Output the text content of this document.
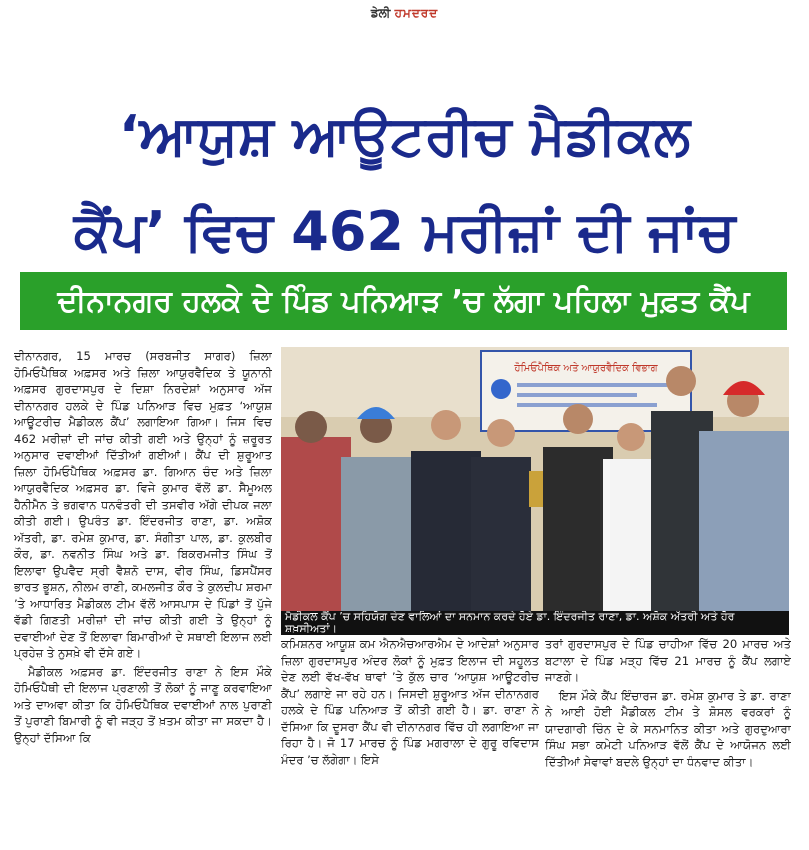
ਡੇਲੀ ਹਮਦਰਦ
‘ਆਯੁਸ਼ ਆਊਟਰੀਚ ਮੈਡੀਕਲ
ਕੈਂਪ’ ਵਿਚ 462 ਮਰੀਜ਼ਾਂ ਦੀ ਜਾਂਚ
ਦੀਨਾਨਗਰ ਹਲਕੇ ਦੇ ਪਿੰਡ ਪਨਿਆੜ ’ਚ ਲੱਗਾ ਪਹਿਲਾ ਮੁਫ਼ਤ ਕੈਂਪ

ਦੀਨਾਨਗਰ, 15 ਮਾਰਚ (ਸਰਬਜੀਤ ਸਾਗਰ) ਜ਼ਿਲਾ ਹੋਮਿਓਪੈਥਿਕ ਅਫ਼ਸਰ ਅਤੇ ਜ਼ਿਲਾ ਆਯੁਰਵੈਦਿਕ ਤੇ ਯੂਨਾਨੀ ਅਫ਼ਸਰ ਗੁਰਦਾਸਪੁਰ ਦੇ ਦਿਸ਼ਾ ਨਿਰਦੇਸ਼ਾਂ ਅਨੁਸਾਰ ਅੱਜ ਦੀਨਾਨਗਰ ਹਲਕੇ ਦੇ ਪਿੰਡ ਪਨਿਆੜ ਵਿਚ ਮੁਫ਼ਤ ‘ਆਯੁਸ਼ ਆਊਟਰੀਚ ਮੈਡੀਕਲ ਕੈਂਪ’ ਲਗਾਇਆ ਗਿਆ। ਜਿਸ ਵਿਚ 462 ਮਰੀਜ਼ਾਂ ਦੀ ਜਾਂਚ ਕੀਤੀ ਗਈ ਅਤੇ ਉਨ੍ਹਾਂ ਨੂੰ ਜ਼ਰੂਰਤ ਅਨੁਸਾਰ ਦਵਾਈਆਂ ਦਿੱਤੀਆਂ ਗਈਆਂ। ਕੈਂਪ ਦੀ ਸ਼ੁਰੂਆਤ ਜ਼ਿਲਾ ਹੋਮਿਓਪੈਥਿਕ ਅਫ਼ਸਰ ਡਾ. ਗਿਆਨ ਚੰਦ ਅਤੇ ਜ਼ਿਲਾ ਆਯੁਰਵੈਦਿਕ ਅਫ਼ਸਰ ਡਾ. ਵਿਜੇ ਕੁਮਾਰ ਵੱਲੋਂ ਡਾ. ਸੈਮੂਅਲ ਹੈਨੀਮੈਨ ਤੇ ਭਗਵਾਨ ਧਨਵੰਤਰੀ ਦੀ ਤਸਵੀਰ ਅੱਗੇ ਦੀਪਕ ਜਲਾ ਕੀਤੀ ਗਈ। ਉਪਰੰਤ ਡਾ. ਇੰਦਰਜੀਤ ਰਾਣਾ, ਡਾ. ਅਸ਼ੋਕ ਅੱਤਰੀ, ਡਾ. ਰਮੇਸ਼ ਕੁਮਾਰ, ਡਾ. ਸੰਗੀਤਾ ਪਾਲ, ਡਾ. ਕੁਲਬੀਰ ਕੌਰ, ਡਾ. ਨਵਨੀਤ ਸਿੰਘ ਅਤੇ ਡਾ. ਬਿਕਰਮਜੀਤ ਸਿੰਘ ਤੋਂ ਇਲਾਵਾ ਉਪਵੈਦ ਸ੍ਰੀ ਵੈਸ਼ਨੋ ਦਾਸ, ਵੀਰ ਸਿੰਘ, ਡਿਸਪੈਂਸਰ ਭਾਰਤ ਭੂਸ਼ਨ, ਨੀਲਮ ਰਾਣੀ, ਕਮਲਜੀਤ ਕੌਰ ਤੇ ਕੁਲਦੀਪ ਸ਼ਰਮਾ ’ਤੇ ਆਧਾਰਿਤ ਮੈਡੀਕਲ ਟੀਮ ਵੱਲੋਂ ਆਸਪਾਸ ਦੇ ਪਿੰਡਾਂ ਤੋਂ ਪੁੱਜੇ ਵੱਡੀ ਗਿਣਤੀ ਮਰੀਜ਼ਾਂ ਦੀ ਜਾਂਚ ਕੀਤੀ ਗਈ ਤੇ ਉਨ੍ਹਾਂ ਨੂੰ ਦਵਾਈਆਂ ਦੇਣ ਤੋਂ ਇਲਾਵਾ ਬਿਮਾਰੀਆਂ ਦੇ ਸਥਾਈ ਇਲਾਜ ਲਈ ਪ੍ਰਹੇਜ਼ ਤੇ ਨੁਸਖ਼ੇ ਵੀ ਦੱਸੇ ਗਏ।

ਮੈਡੀਕਲ ਅਫ਼ਸਰ ਡਾ. ਇੰਦਰਜੀਤ ਰਾਣਾ ਨੇ ਇਸ ਮੌਕੇ ਹੋਮਿਓਪੈਥੀ ਦੀ ਇਲਾਜ ਪ੍ਰਣਾਲੀ ਤੋਂ ਲੋਕਾਂ ਨੂੰ ਜਾਣੂ ਕਰਵਾਇਆ ਅਤੇ ਦਾਅਵਾ ਕੀਤਾ ਕਿ ਹੋਮਿਓਪੈਥਿਕ ਦਵਾਈਆਂ ਨਾਲ ਪੁਰਾਣੀ ਤੋਂ ਪੁਰਾਣੀ ਬਿਮਾਰੀ ਨੂੰ ਵੀ ਜੜ੍ਹ ਤੋਂ ਖ਼ਤਮ ਕੀਤਾ ਜਾ ਸਕਦਾ ਹੈ। ਉਨ੍ਹਾਂ ਦੱਸਿਆ ਕਿ

ਹੋਮਿਓਪੈਥਿਕ ਅਤੇ ਆਯੁਰਵੈਦਿਕ ਵਿਭਾਗ
ਮੈਡੀਕਲ ਕੈਂਪ ’ਚ ਸਹਿਯੋਗ ਦੇਣ ਵਾਲਿਆਂ ਦਾ ਸਨਮਾਨ ਕਰਦੇ ਹੋਏ ਡਾ. ਇੰਦਰਜੀਤ ਰਾਣਾ, ਡਾ. ਅਸ਼ੋਕ ਅੱਤਰੀ ਅਤੇ ਹੋਰ ਸ਼ਖ਼ਸੀਅਤਾਂ।

ਕਮਿਸ਼ਨਰ ਆਯੂਸ਼ ਕਮ ਐਨਐਚਆਰਐਮ ਦੇ ਆਦੇਸ਼ਾਂ ਅਨੁਸਾਰ ਜ਼ਿਲਾ ਗੁਰਦਾਸਪੁਰ ਅੰਦਰ ਲੋਕਾਂ ਨੂੰ ਮੁਫ਼ਤ ਇਲਾਜ ਦੀ ਸਹੂਲਤ ਦੇਣ ਲਈ ਵੱਖ-ਵੱਖ ਥਾਵਾਂ ’ਤੇ ਕੁੱਲ ਚਾਰ ‘ਆਯੁਸ਼ ਆਊਟਰੀਚ ਕੈਂਪ’ ਲਗਾਏ ਜਾ ਰਹੇ ਹਨ। ਜਿਸਦੀ ਸ਼ੁਰੂਆਤ ਅੱਜ ਦੀਨਾਨਗਰ ਹਲਕੇ ਦੇ ਪਿੰਡ ਪਨਿਆੜ ਤੋਂ ਕੀਤੀ ਗਈ ਹੈ। ਡਾ. ਰਾਣਾ ਨੇ ਦੱਸਿਆ ਕਿ ਦੂਸਰਾ ਕੈਂਪ ਵੀ ਦੀਨਾਨਗਰ ਵਿੱਚ ਹੀ ਲਗਾਇਆ ਜਾ ਰਿਹਾ ਹੈ। ਜੋ 17 ਮਾਰਚ ਨੂੰ ਪਿੰਡ ਮਗਰਾਲਾ ਦੇ ਗੁਰੂ ਰਵਿਦਾਸ ਮੰਦਰ ’ਚ ਲੱਗੇਗਾ। ਇਸੇ

ਤਰਾਂ ਗੁਰਦਾਸਪੁਰ ਦੇ ਪਿੰਡ ਚਾਹੀਆ ਵਿੱਚ 20 ਮਾਰਚ ਅਤੇ ਬਟਾਲਾ ਦੇ ਪਿੰਡ ਮੜ੍ਹ ਵਿੱਚ 21 ਮਾਰਚ ਨੂੰ ਕੈਂਪ ਲਗਾਏ ਜਾਣਗੇ।

ਇਸ ਮੌਕੇ ਕੈਂਪ ਇੰਚਾਰਜ ਡਾ. ਰਮੇਸ਼ ਕੁਮਾਰ ਤੇ ਡਾ. ਰਾਣਾ ਨੇ ਆਈ ਹੋਈ ਮੈਡੀਕਲ ਟੀਮ ਤੇ ਸ਼ੋਸਲ ਵਰਕਰਾਂ ਨੂੰ ਯਾਦਗਾਰੀ ਚਿੰਨ ਦੇ ਕੇ ਸਨਮਾਨਿਤ ਕੀਤਾ ਅਤੇ ਗੁਰਦੁਆਰਾ ਸਿੰਘ ਸਭਾ ਕਮੇਟੀ ਪਨਿਆੜ ਵੱਲੋਂ ਕੈਂਪ ਦੇ ਆਯੋਜਨ ਲਈ ਦਿੱਤੀਆਂ ਸੇਵਾਵਾਂ ਬਦਲੇ ਉਨ੍ਹਾਂ ਦਾ ਧੰਨਵਾਦ ਕੀਤਾ।
